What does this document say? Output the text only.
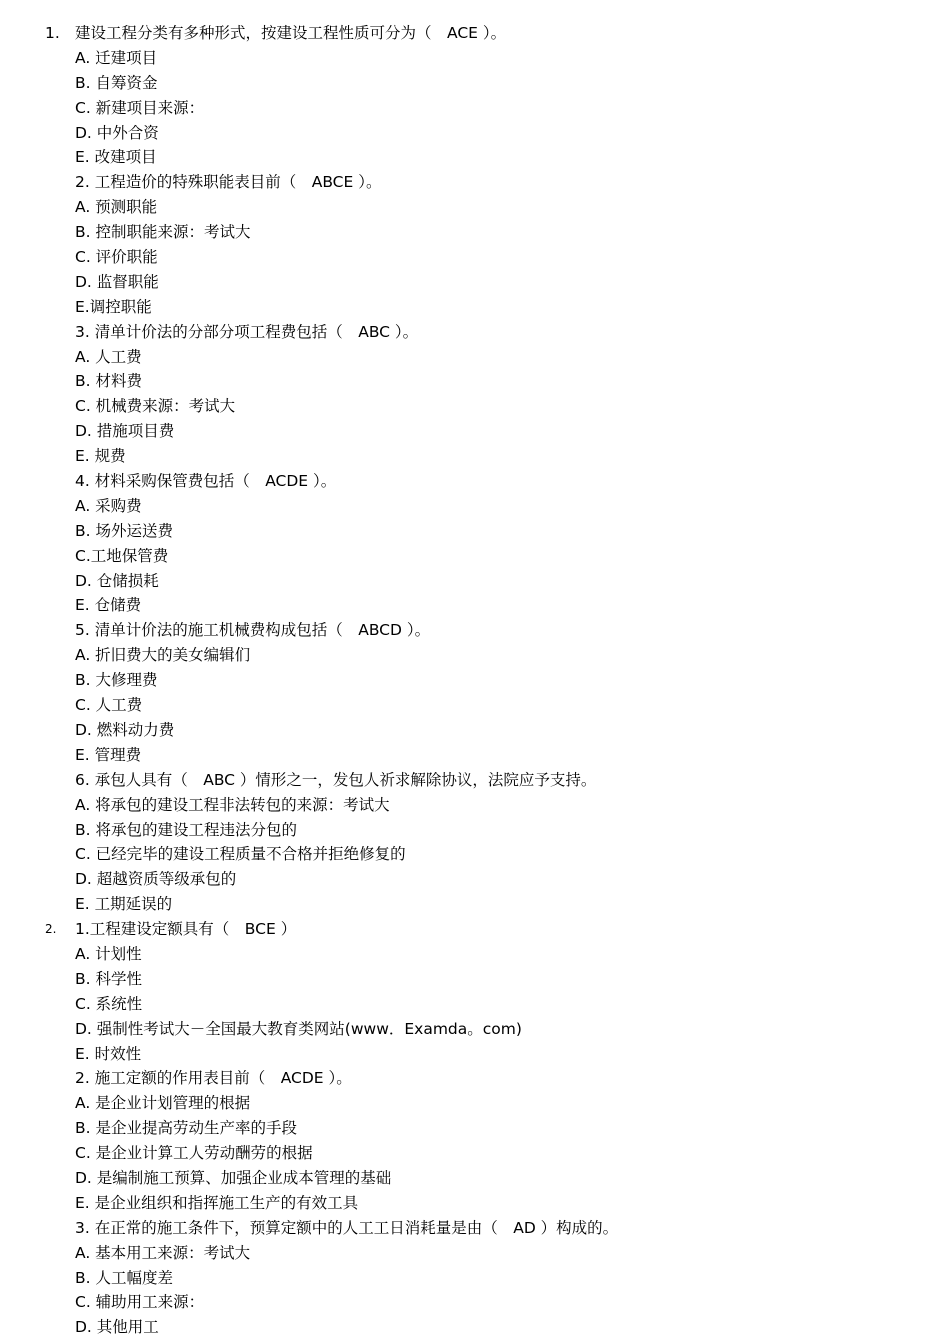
1. 建设工程分类有多种形式，按建设工程性质可分为（　ACE ）。
A. 迁建项目
B. 自筹资金
C. 新建项目来源：
D. 中外合资
E. 改建项目
2. 工程造价的特殊职能表目前（　ABCE ）。
A. 预测职能
B. 控制职能来源：考试大
C. 评价职能
D. 监督职能
E.调控职能
3. 清单计价法的分部分项工程费包括（　ABC ）。
A. 人工费
B. 材料费
C. 机械费来源：考试大
D. 措施项目费
E. 规费
4. 材料采购保管费包括（　ACDE ）。
A. 采购费
B. 场外运送费
C.工地保管费
D. 仓储损耗
E. 仓储费
5. 清单计价法的施工机械费构成包括（　ABCD ）。
A. 折旧费大的美女编辑们
B. 大修理费
C. 人工费
D. 燃料动力费
E. 管理费
6. 承包人具有（　ABC ）情形之一，发包人祈求解除协议，法院应予支持。
A. 将承包的建设工程非法转包的来源：考试大
B. 将承包的建设工程违法分包的
C. 已经完毕的建设工程质量不合格并拒绝修复的
D. 超越资质等级承包的
E. 工期延误的
2. 1.工程建设定额具有（　BCE ）
A. 计划性
B. 科学性
C. 系统性
D. 强制性考试大－全国最大教育类网站(www．Examda。com)
E. 时效性
2. 施工定额的作用表目前（　ACDE ）。
A. 是企业计划管理的根据
B. 是企业提高劳动生产率的手段
C. 是企业计算工人劳动酬劳的根据
D. 是编制施工预算、加强企业成本管理的基础
E. 是企业组织和指挥施工生产的有效工具
3. 在正常的施工条件下，预算定额中的人工工日消耗量是由（　AD ）构成的。
A. 基本用工来源：考试大
B. 人工幅度差
C. 辅助用工来源：
D. 其他用工
